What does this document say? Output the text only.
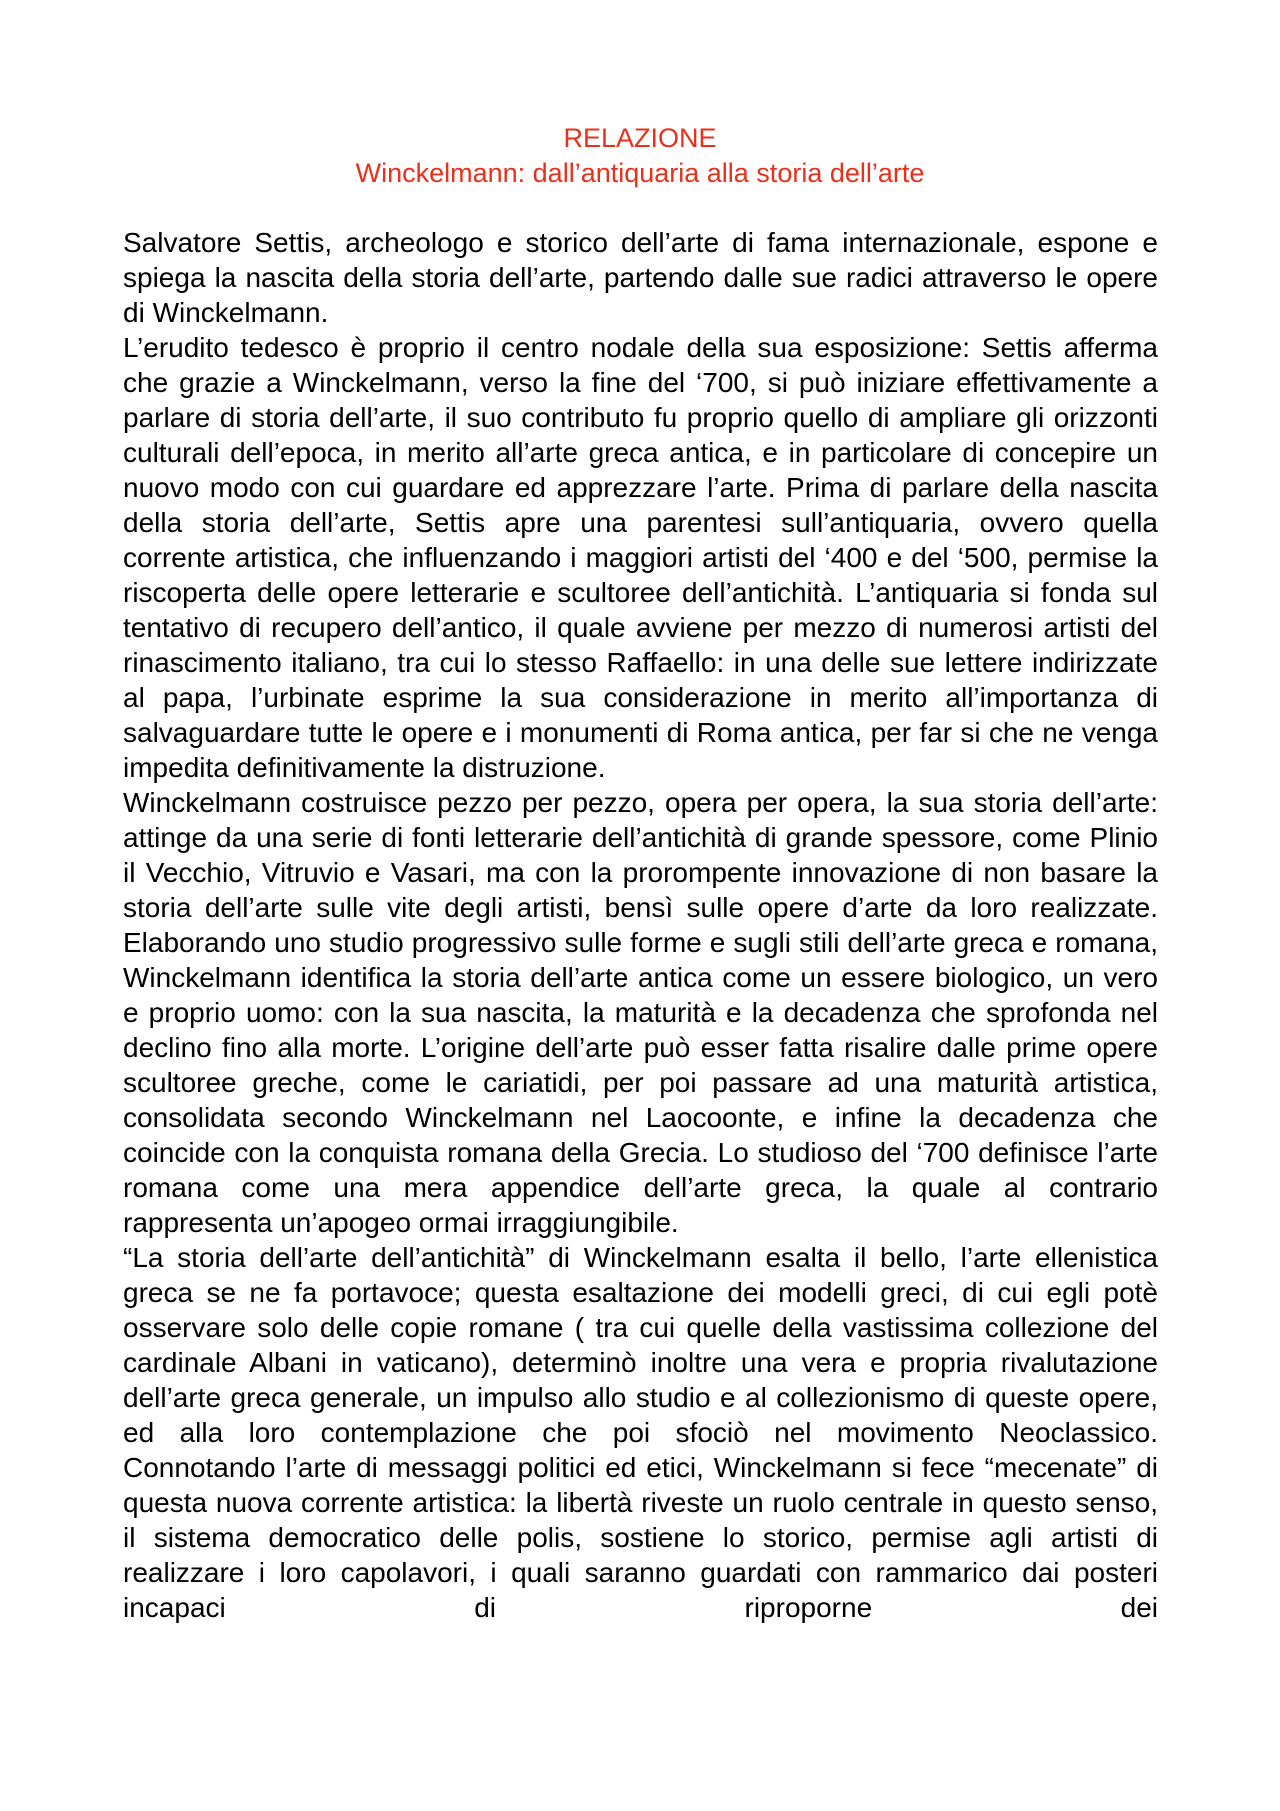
RELAZIONE
Winckelmann: dall’antiquaria alla storia dell’arte

Salvatore Settis, archeologo e storico dell’arte di fama internazionale, espone e spiega la nascita della storia dell’arte, partendo dalle sue radici attraverso le opere di Winckelmann.

L’erudito tedesco è proprio il centro nodale della sua esposizione: Settis afferma che grazie a Winckelmann, verso la fine del ‘700, si può iniziare effettivamente a parlare di storia dell’arte, il suo contributo fu proprio quello di ampliare gli orizzonti culturali dell’epoca, in merito all’arte greca antica, e in particolare di concepire un nuovo modo con cui guardare ed apprezzare l’arte. Prima di parlare della nascita della storia dell’arte, Settis apre una parentesi sull’antiquaria, ovvero quella corrente artistica, che influenzando i maggiori artisti del ‘400 e del ‘500, permise la riscoperta delle opere letterarie e scultoree dell’antichità. L’antiquaria si fonda sul tentativo di recupero dell’antico, il quale avviene per mezzo di numerosi artisti del rinascimento italiano, tra cui lo stesso Raffaello: in una delle sue lettere indirizzate al papa, l’urbinate esprime la sua considerazione in merito all’importanza di salvaguardare tutte le opere e i monumenti di Roma antica, per far si che ne venga impedita definitivamente la distruzione.

Winckelmann costruisce pezzo per pezzo, opera per opera, la sua storia dell’arte: attinge da una serie di fonti letterarie dell’antichità di grande spessore, come Plinio il Vecchio, Vitruvio e Vasari, ma con la prorompente innovazione di non basare la storia dell’arte sulle vite degli artisti, bensì sulle opere d’arte da loro realizzate. Elaborando uno studio progressivo sulle forme e sugli stili dell’arte greca e romana, Winckelmann identifica la storia dell’arte antica come un essere biologico, un vero e proprio uomo: con la sua nascita, la maturità e la decadenza che sprofonda nel declino fino alla morte. L’origine dell’arte può esser fatta risalire dalle prime opere scultoree greche, come le cariatidi, per poi passare ad una maturità artistica, consolidata secondo Winckelmann nel Laocoonte, e infine la decadenza che coincide con la conquista romana della Grecia. Lo studioso del ‘700 definisce l’arte romana come una mera appendice dell’arte greca, la quale al contrario rappresenta un’apogeo ormai irraggiungibile.

“La storia dell’arte dell’antichità” di Winckelmann esalta il bello, l’arte ellenistica greca se ne fa portavoce; questa esaltazione dei modelli greci, di cui egli potè osservare solo delle copie romane ( tra cui quelle della vastissima collezione del cardinale Albani in vaticano), determinò inoltre una vera e propria rivalutazione dell’arte greca generale, un impulso allo studio e al collezionismo di queste opere, ed alla loro contemplazione che poi sfociò nel movimento Neoclassico. Connotando l’arte di messaggi politici ed etici, Winckelmann si fece “mecenate” di questa nuova corrente artistica: la libertà riveste un ruolo centrale in questo senso, il sistema democratico delle polis, sostiene lo storico, permise agli artisti di realizzare i loro capolavori, i quali saranno guardati con rammarico dai posteri incapaci di riproporne dei
